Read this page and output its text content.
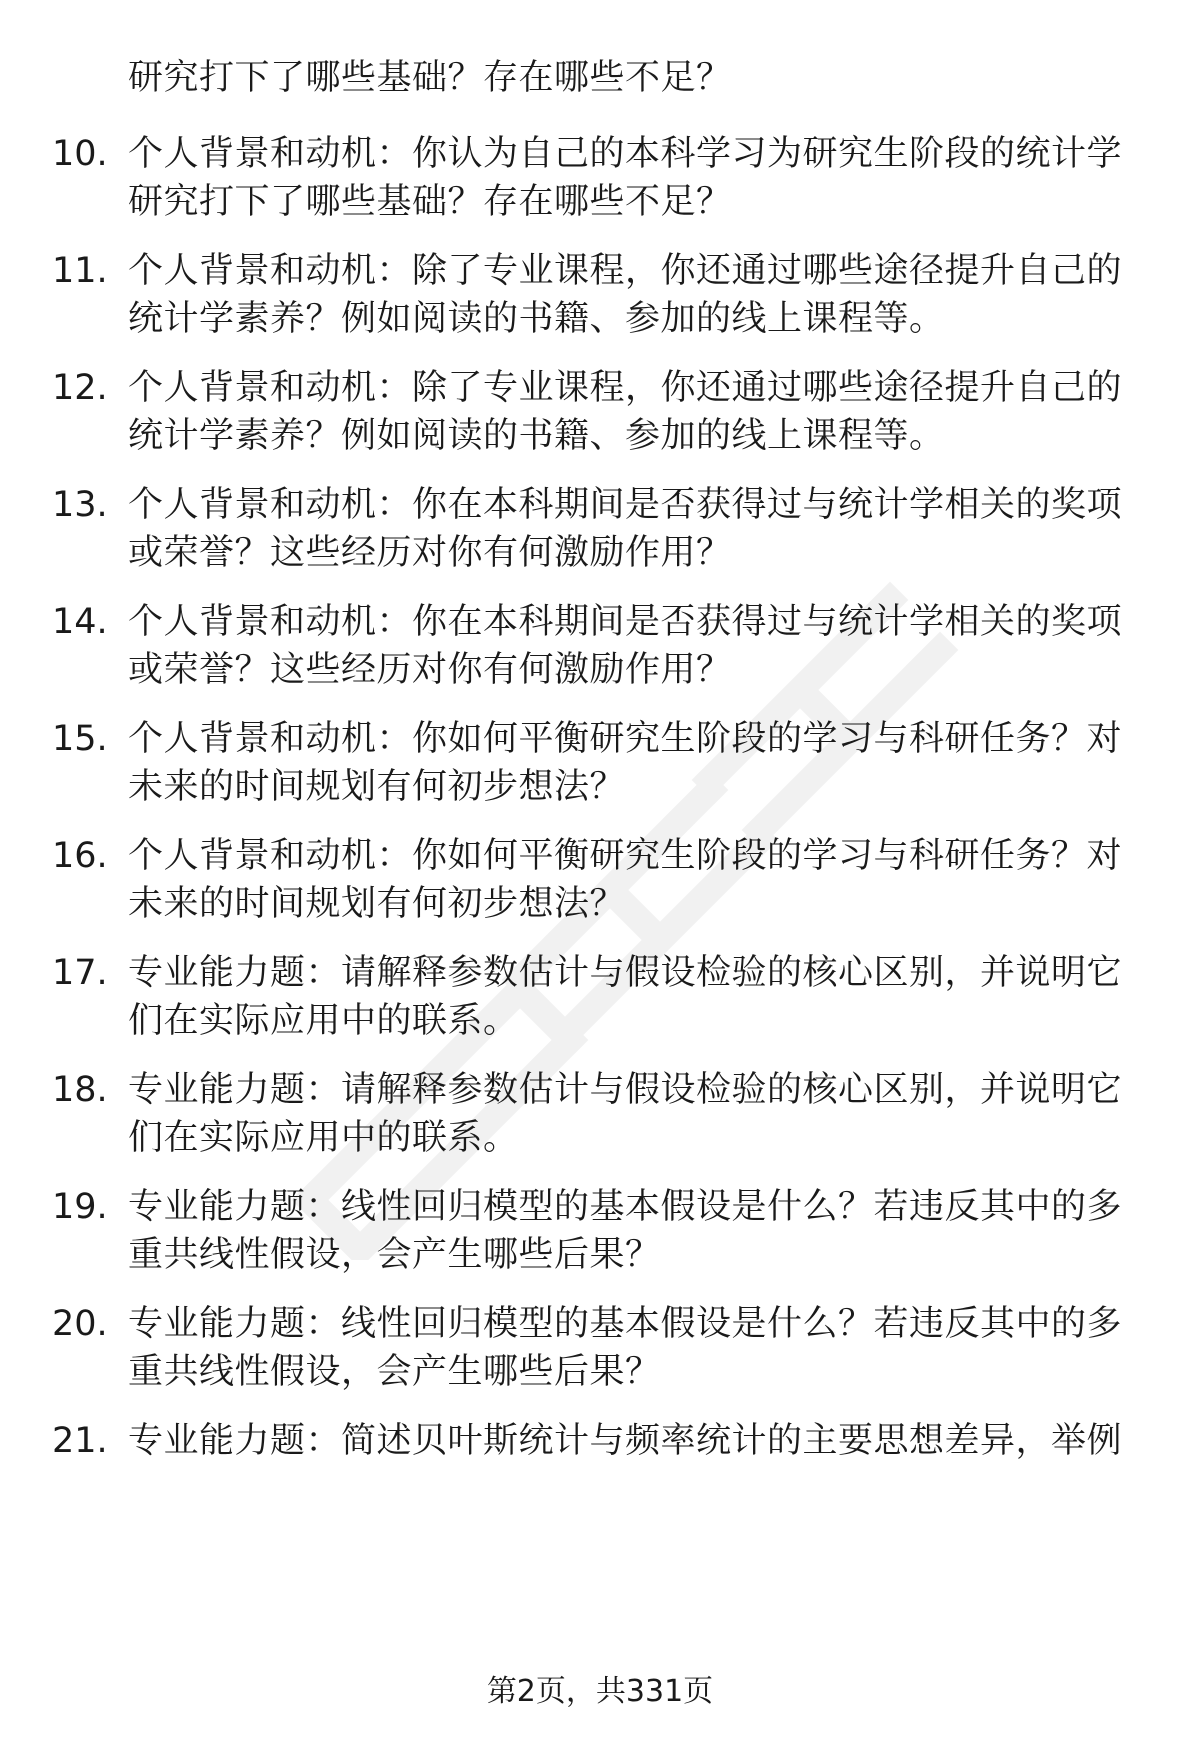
研究打下了哪些基础？存在哪些不足？
10. 个人背景和动机：你认为自己的本科学习为研究生阶段的统计学
研究打下了哪些基础？存在哪些不足？
11. 个人背景和动机：除了专业课程，你还通过哪些途径提升自己的
统计学素养？例如阅读的书籍、参加的线上课程等。
12. 个人背景和动机：除了专业课程，你还通过哪些途径提升自己的
统计学素养？例如阅读的书籍、参加的线上课程等。
13. 个人背景和动机：你在本科期间是否获得过与统计学相关的奖项
或荣誉？这些经历对你有何激励作用？
14. 个人背景和动机：你在本科期间是否获得过与统计学相关的奖项
或荣誉？这些经历对你有何激励作用？
15. 个人背景和动机：你如何平衡研究生阶段的学习与科研任务？对
未来的时间规划有何初步想法？
16. 个人背景和动机：你如何平衡研究生阶段的学习与科研任务？对
未来的时间规划有何初步想法？
17. 专业能力题：请解释参数估计与假设检验的核心区别，并说明它
们在实际应用中的联系。
18. 专业能力题：请解释参数估计与假设检验的核心区别，并说明它
们在实际应用中的联系。
19. 专业能力题：线性回归模型的基本假设是什么？若违反其中的多
重共线性假设，会产生哪些后果？
20. 专业能力题：线性回归模型的基本假设是什么？若违反其中的多
重共线性假设，会产生哪些后果？
21. 专业能力题：简述贝叶斯统计与频率统计的主要思想差异，举例
第2页，共331页
